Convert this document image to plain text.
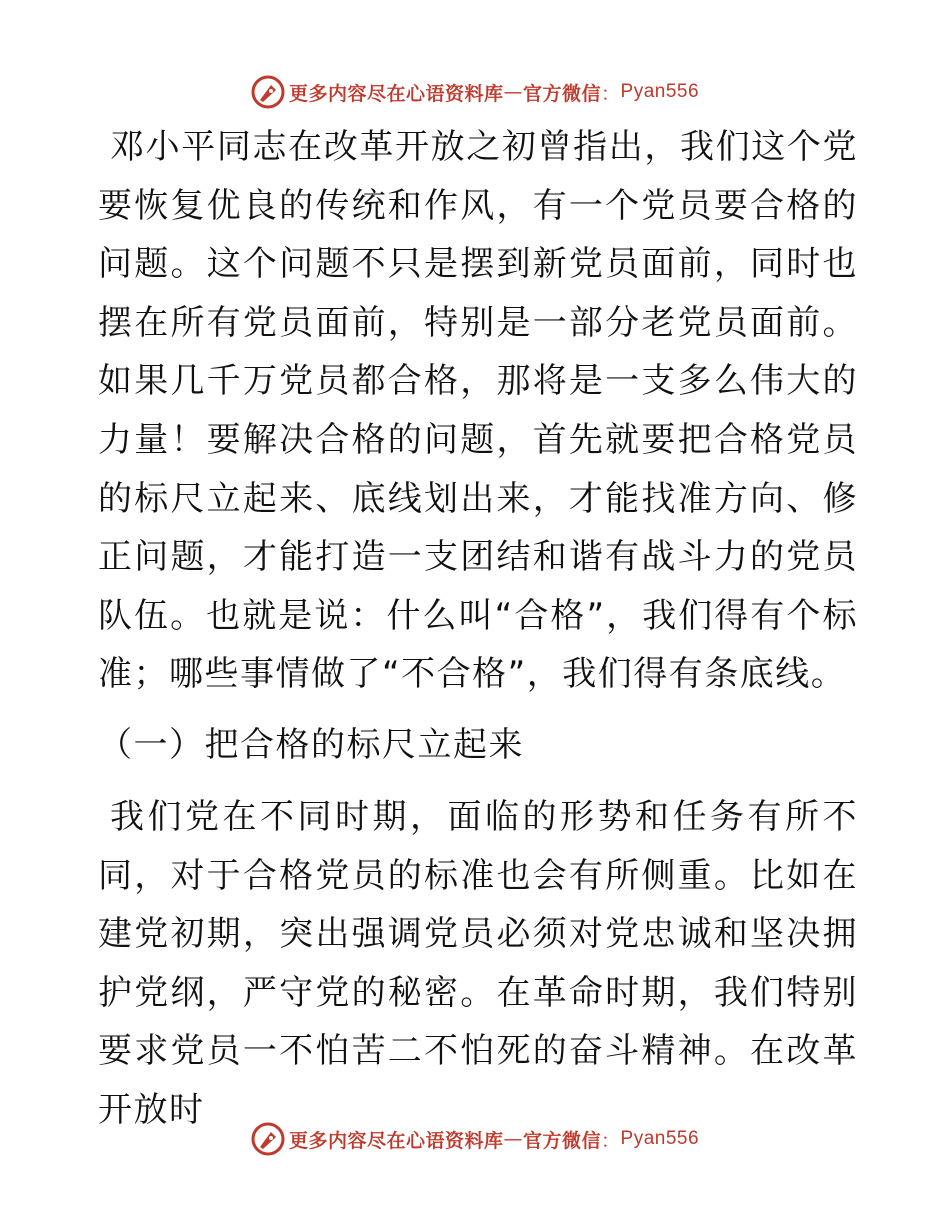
更多内容尽在心语资料库 — 官方微信 ： Pyan556

邓小平同志在改革开放之初曾指出，我们这个党要恢复优良的传统和作风，有一个党员要合格的问题。这个问题不只是摆到新党员面前，同时也摆在所有党员面前，特别是一部分老党员面前。如果几千万党员都合格，那将是一支多么伟大的力量！要解决合格的问题，首先就要把合格党员的标尺立起来、底线划出来，才能找准方向、修正问题，才能打造一支团结和谐有战斗力的党员队伍。也就是说：什么叫“合格”，我们得有个标准；哪些事情做了“不合格”，我们得有条底线。

（一）把合格的标尺立起来

我们党在不同时期，面临的形势和任务有所不同，对于合格党员的标准也会有所侧重。比如在建党初期，突出强调党员必须对党忠诚和坚决拥护党纲，严守党的秘密。在革命时期，我们特别要求党员一不怕苦二不怕死的奋斗精神。在改革开放时

更多内容尽在心语资料库 — 官方微信 ： Pyan556
